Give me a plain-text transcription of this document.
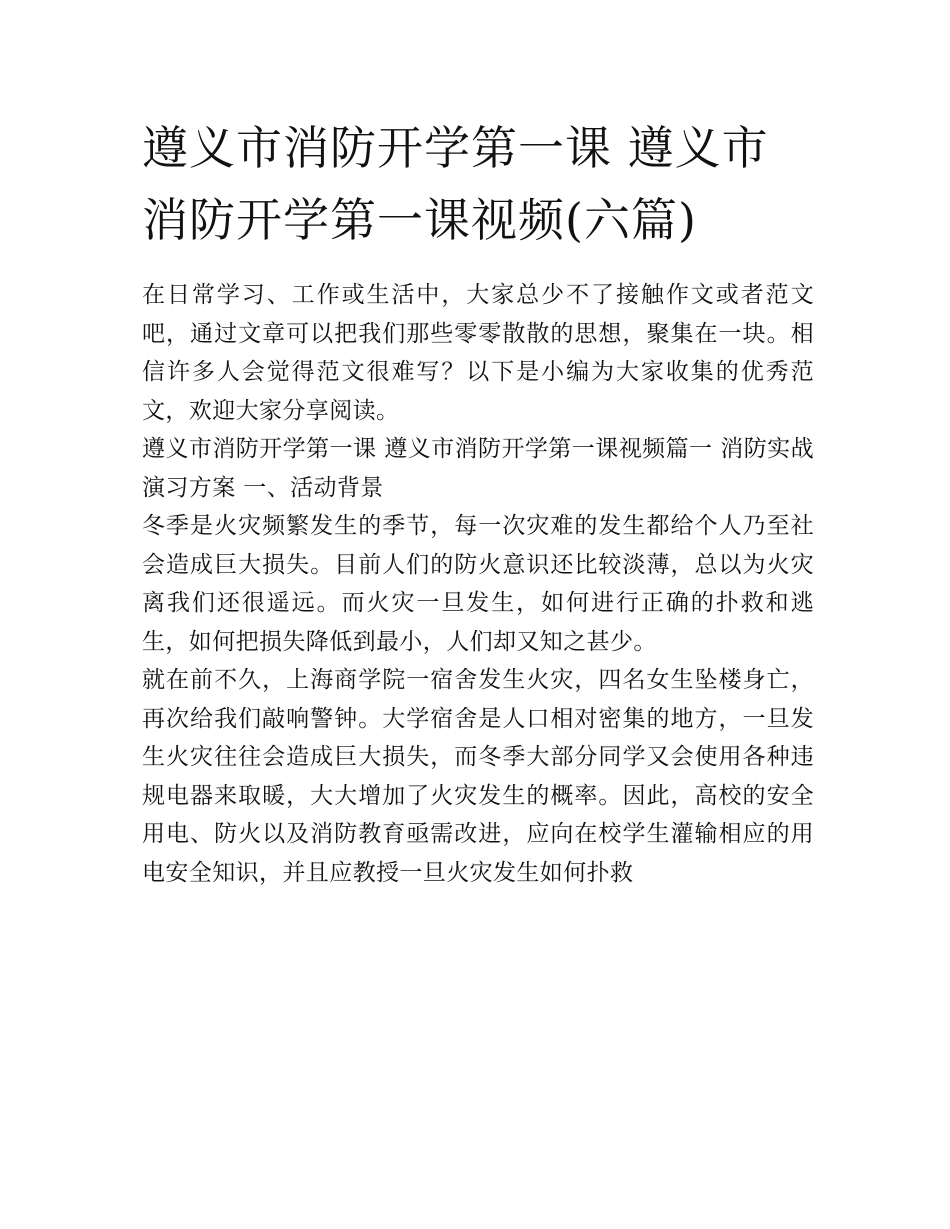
遵义市消防开学第一课 遵义市消防开学第一课视频(六篇)

在日常学习、工作或生活中，大家总少不了接触作文或者范文吧，通过文章可以把我们那些零零散散的思想，聚集在一块。相信许多人会觉得范文很难写？以下是小编为大家收集的优秀范文，欢迎大家分享阅读。

遵义市消防开学第一课 遵义市消防开学第一课视频篇一 消防实战演习方案 一、活动背景

冬季是火灾频繁发生的季节，每一次灾难的发生都给个人乃至社会造成巨大损失。目前人们的防火意识还比较淡薄，总以为火灾离我们还很遥远。而火灾一旦发生，如何进行正确的扑救和逃生，如何把损失降低到最小，人们却又知之甚少。

就在前不久，上海商学院一宿舍发生火灾，四名女生坠楼身亡，再次给我们敲响警钟。大学宿舍是人口相对密集的地方，一旦发生火灾往往会造成巨大损失，而冬季大部分同学又会使用各种违规电器来取暖，大大增加了火灾发生的概率。因此，高校的安全用电、防火以及消防教育亟需改进，应向在校学生灌输相应的用电安全知识，并且应教授一旦火灾发生如何扑救
